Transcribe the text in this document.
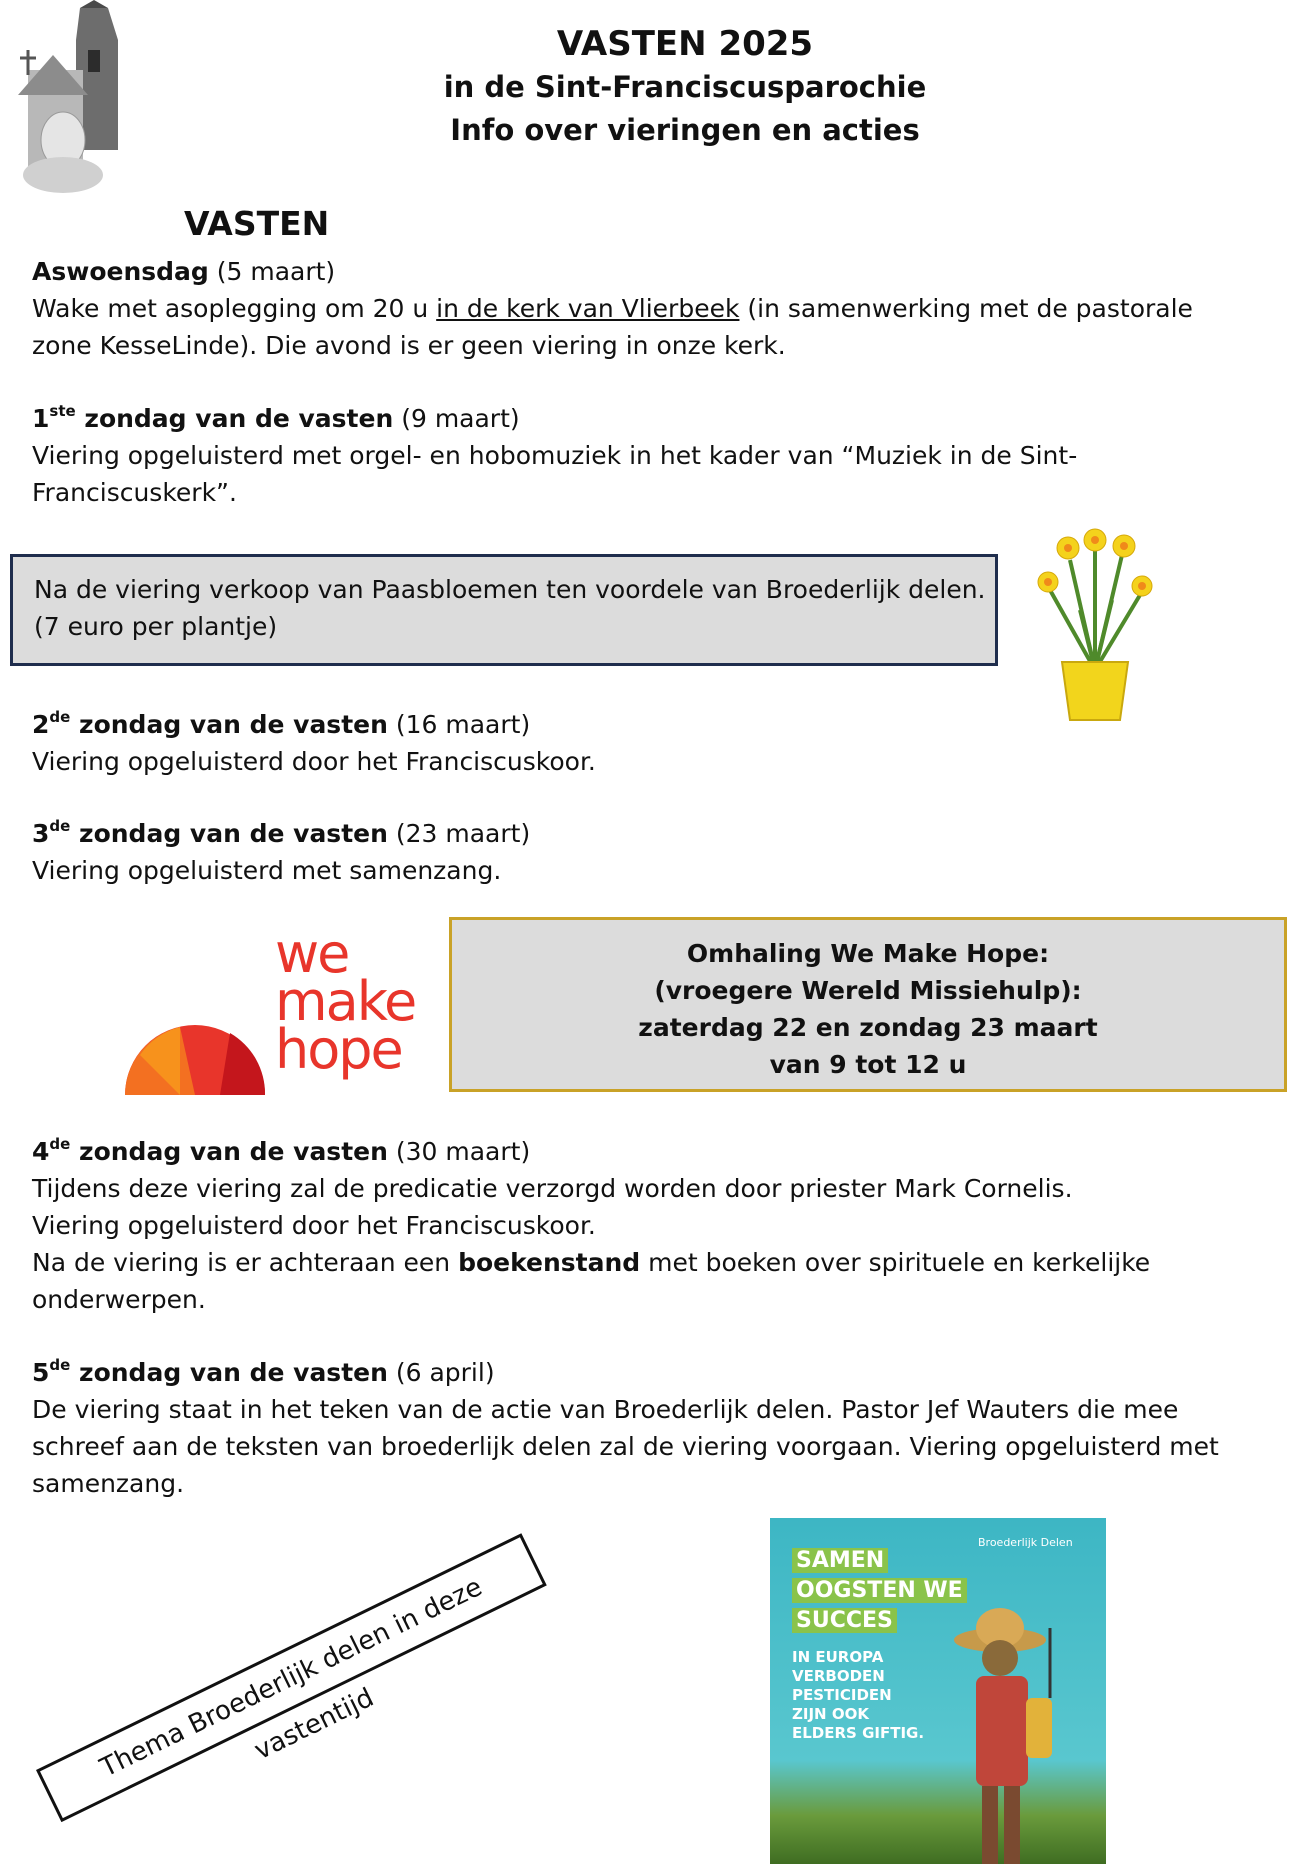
VASTEN 2025
in de Sint-Franciscusparochie
Info over vieringen en acties
VASTEN
Aswoensdag (5 maart)
Wake met asoplegging om 20 u in de kerk van Vlierbeek (in samenwerking met de pastorale
zone KesseLinde). Die avond is er geen viering in onze kerk.
1ste zondag van de vasten (9 maart)
Viering opgeluisterd met orgel- en hobomuziek in het kader van “Muziek in de Sint-
Franciscuskerk”.
Na de viering verkoop van Paasbloemen ten voordele van Broederlijk delen.
(7 euro per plantje)
2de zondag van de vasten (16 maart)
Viering opgeluisterd door het Franciscuskoor.
3de zondag van de vasten (23 maart)
Viering opgeluisterd met samenzang.
we
make
hope
Omhaling We Make Hope:
(vroegere Wereld Missiehulp):
zaterdag 22 en zondag 23 maart
van 9 tot 12 u
4de zondag van de vasten (30 maart)
Tijdens deze viering zal de predicatie verzorgd worden door priester Mark Cornelis.
Viering opgeluisterd door het Franciscuskoor.
Na de viering is er achteraan een boekenstand met boeken over spirituele en kerkelijke
onderwerpen.
5de zondag van de vasten (6 april)
De viering staat in het teken van de actie van Broederlijk delen. Pastor Jef Wauters die mee
schreef aan de teksten van broederlijk delen zal de viering voorgaan. Viering opgeluisterd met
samenzang.
Thema Broederlijk delen in deze vastentijd
Broederlijk Delen
SAMEN
OOGSTEN WE
SUCCES
IN EUROPA
VERBODEN
PESTICIDEN
ZIJN OOK
ELDERS GIFTIG.
